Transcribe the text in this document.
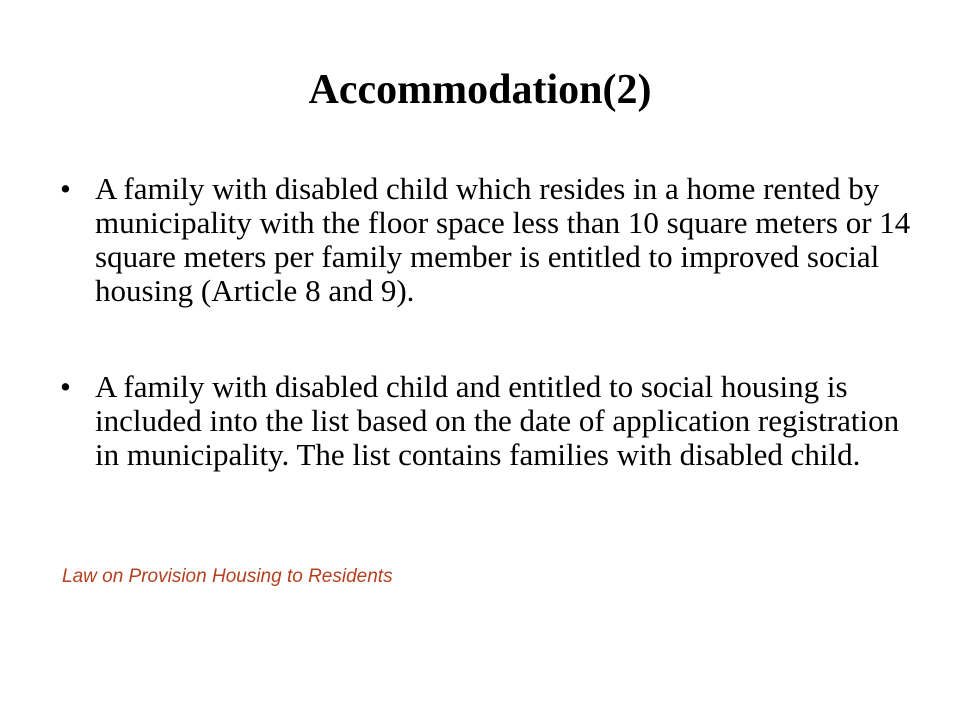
Accommodation(2)
• A family with disabled child which resides in a home rented by municipality with the floor space less than 10 square meters or 14 square meters per family member is entitled to improved social housing (Article 8 and 9).
• A family with disabled child and entitled to social housing is included into the list based on the date of application registration in municipality. The list contains families with disabled child.

Law on Provision Housing to Residents
